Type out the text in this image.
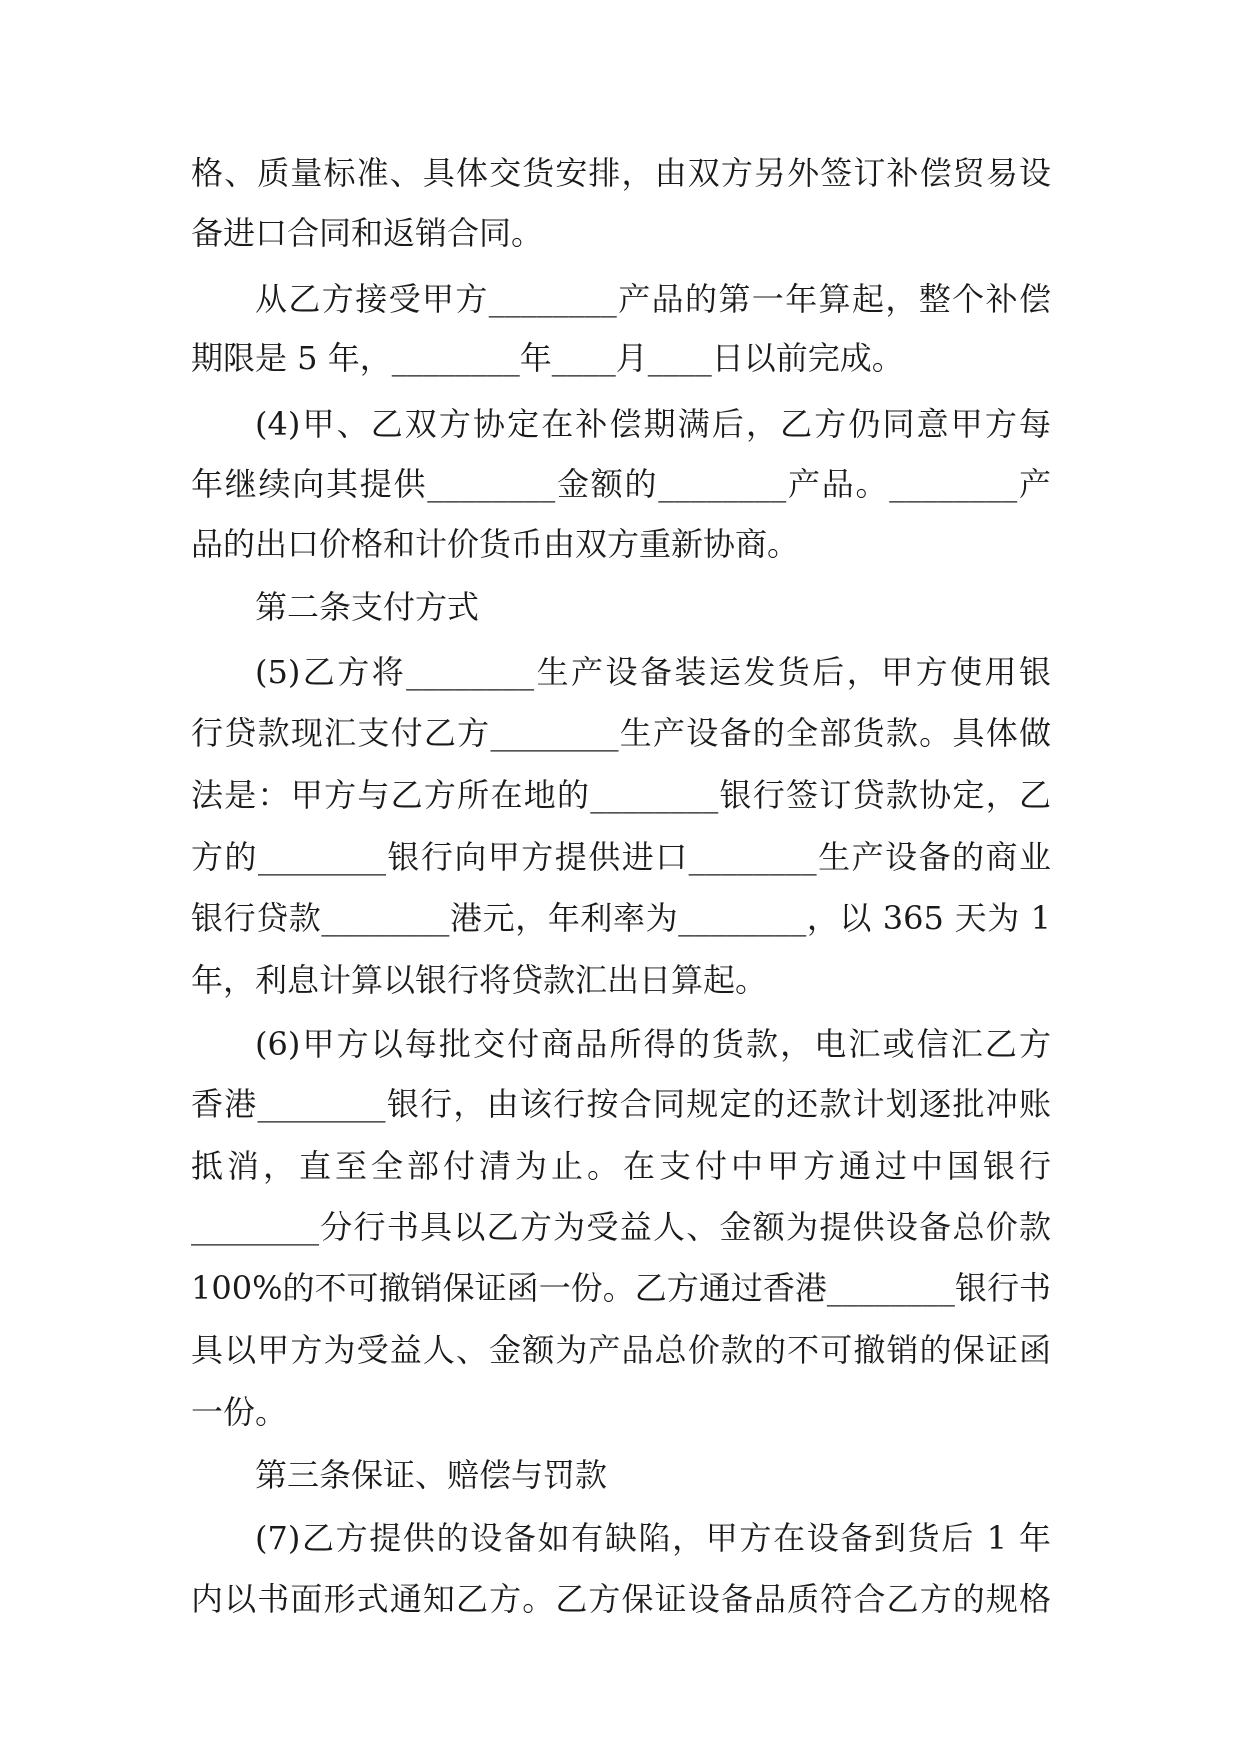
格、质量标准、具体交货安排，由双方另外签订补偿贸易设
备进口合同和返销合同。
从乙方接受甲方________产品的第一年算起，整个补偿
期限是 5 年，________年____月____日以前完成。
(4)甲、乙双方协定在补偿期满后，乙方仍同意甲方每
年继续向其提供________金额的________产品。________产
品的出口价格和计价货币由双方重新协商。
第二条支付方式
(5)乙方将________生产设备装运发货后，甲方使用银
行贷款现汇支付乙方________生产设备的全部货款。具体做
法是：甲方与乙方所在地的________银行签订贷款协定，乙
方的________银行向甲方提供进口________生产设备的商业
银行贷款________港元，年利率为________，以 365 天为 1
年，利息计算以银行将贷款汇出日算起。
(6)甲方以每批交付商品所得的货款，电汇或信汇乙方
香港________银行，由该行按合同规定的还款计划逐批冲账
抵消，直至全部付清为止。在支付中甲方通过中国银行
________分行书具以乙方为受益人、金额为提供设备总价款
100%的不可撤销保证函一份。乙方通过香港________银行书
具以甲方为受益人、金额为产品总价款的不可撤销的保证函
一份。
第三条保证、赔偿与罚款
(7)乙方提供的设备如有缺陷，甲方在设备到货后 1 年
内以书面形式通知乙方。乙方保证设备品质符合乙方的规格
